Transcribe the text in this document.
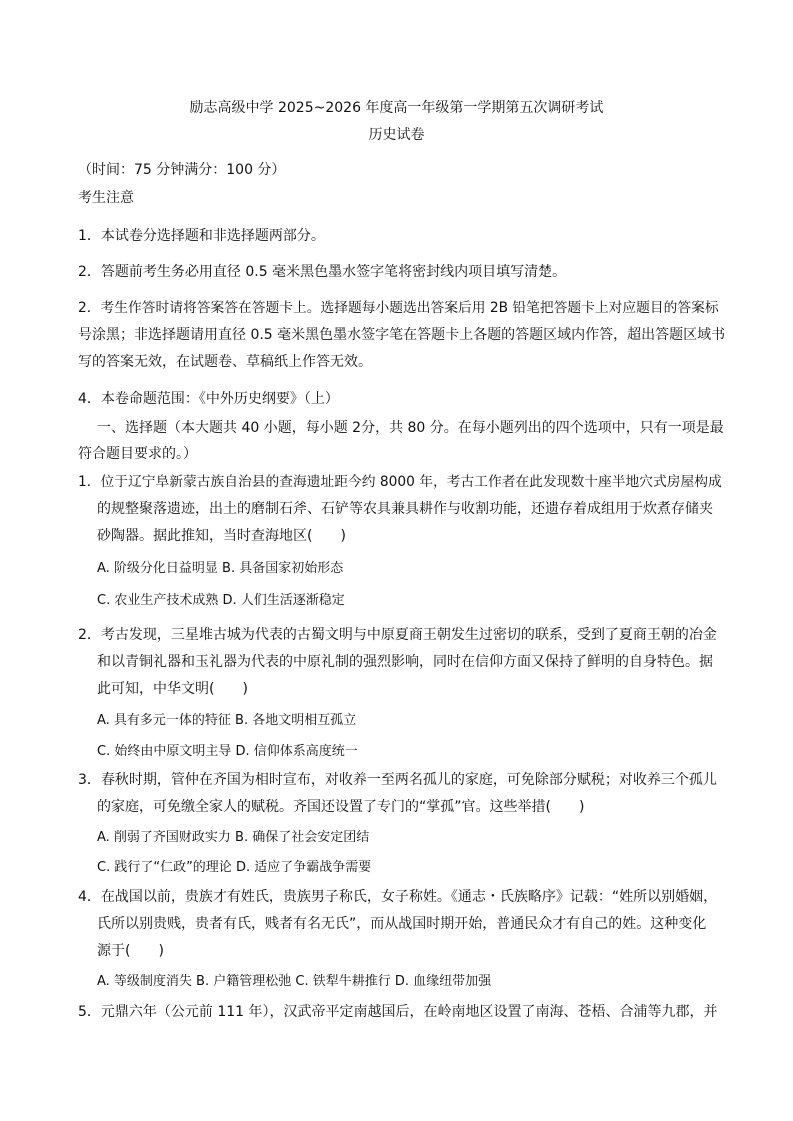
励志高级中学 2025~2026 年度高一年级第一学期第五次调研考试
历史试卷
（时间：75 分钟满分：100 分）
考生注意
1．本试卷分选择题和非选择题两部分。
2．答题前考生务必用直径 0.5 毫米黑色墨水签字笔将密封线内项目填写清楚。
2．考生作答时请将答案答在答题卡上。选择题每小题选出答案后用 2B 铅笔把答题卡上对应题目的答案标
号涂黑；非选择题请用直径 0.5 毫米黑色墨水签字笔在答题卡上各题的答题区域内作答，超出答题区域书
写的答案无效，在试题卷、草稿纸上作答无效。
4．本卷命题范围：《中外历史纲要》（上）
一、选择题（本大题共 40 小题，每小题 2分，共 80 分。在每小题列出的四个选项中，只有一项是最
符合题目要求的。）
1．位于辽宁阜新蒙古族自治县的查海遗址距今约 8000 年，考古工作者在此发现数十座半地穴式房屋构成
的规整聚落遗迹，出土的磨制石斧、石铲等农具兼具耕作与收割功能，还遗存着成组用于炊煮存储夹
砂陶器。据此推知，当时查海地区(　　)
A. 阶级分化日益明显 B. 具备国家初始形态
C. 农业生产技术成熟 D. 人们生活逐渐稳定
2．考古发现，三星堆古城为代表的古蜀文明与中原夏商王朝发生过密切的联系，受到了夏商王朝的冶金
和以青铜礼器和玉礼器为代表的中原礼制的强烈影响，同时在信仰方面又保持了鲜明的自身特色。据
此可知，中华文明(　　)
A. 具有多元一体的特征 B. 各地文明相互孤立
C. 始终由中原文明主导 D. 信仰体系高度统一
3．春秋时期，管仲在齐国为相时宣布，对收养一至两名孤儿的家庭，可免除部分赋税；对收养三个孤儿
的家庭，可免缴全家人的赋税。齐国还设置了专门的“掌孤”官。这些举措(　　)
A. 削弱了齐国财政实力 B. 确保了社会安定团结
C. 践行了“仁政”的理论 D. 适应了争霸战争需要
4．在战国以前，贵族才有姓氏，贵族男子称氏，女子称姓。《通志・氏族略序》记载：“姓所以别婚姻，
氏所以别贵贱，贵者有氏，贱者有名无氏”，而从战国时期开始，普通民众才有自己的姓。这种变化
源于(　　)
A. 等级制度消失 B. 户籍管理松弛 C. 铁犁牛耕推行 D. 血缘纽带加强
5．元鼎六年（公元前 111 年），汉武帝平定南越国后，在岭南地区设置了南海、苍梧、合浦等九郡，并
